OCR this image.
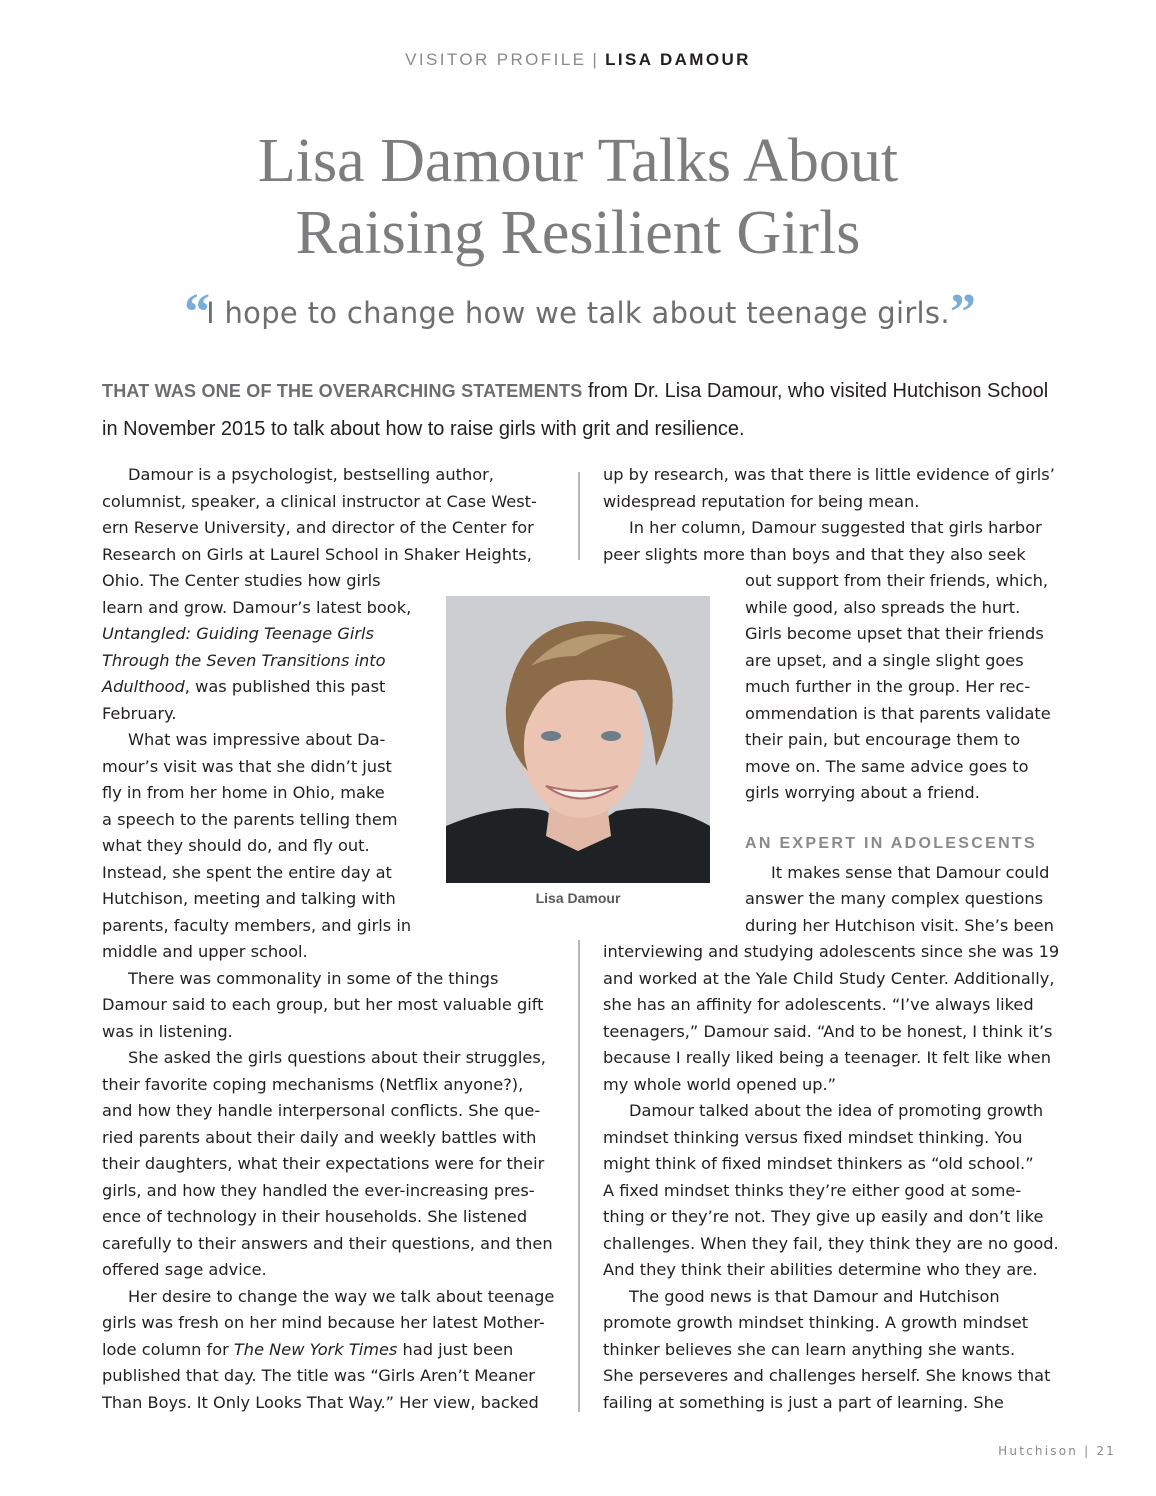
VISITOR PROFILE | LISA DAMOUR
Lisa Damour Talks About
Raising Resilient Girls
“I hope to change how we talk about teenage girls.”
THAT WAS ONE OF THE OVERARCHING STATEMENTS from Dr. Lisa Damour, who visited Hutchison School in November 2015 to talk about how to raise girls with grit and resilience.
Lisa Damour
Damour is a psychologist, bestselling author,
columnist, speaker, a clinical instructor at Case West-
ern Reserve University, and director of the Center for
Research on Girls at Laurel School in Shaker Heights,
Ohio. The Center studies how girls
learn and grow. Damour’s latest book,
Untangled: Guiding Teenage Girls
Through the Seven Transitions into
Adulthood, was published this past
February.
What was impressive about Da-
mour’s visit was that she didn’t just
fly in from her home in Ohio, make
a speech to the parents telling them
what they should do, and fly out.
Instead, she spent the entire day at
Hutchison, meeting and talking with
parents, faculty members, and girls in
middle and upper school.
There was commonality in some of the things
Damour said to each group, but her most valuable gift
was in listening.
She asked the girls questions about their struggles,
their favorite coping mechanisms (Netflix anyone?),
and how they handle interpersonal conflicts. She que-
ried parents about their daily and weekly battles with
their daughters, what their expectations were for their
girls, and how they handled the ever-increasing pres-
ence of technology in their households. She listened
carefully to their answers and their questions, and then
offered sage advice.
Her desire to change the way we talk about teenage
girls was fresh on her mind because her latest Mother-
lode column for The New York Times had just been
published that day. The title was “Girls Aren’t Meaner
Than Boys. It Only Looks That Way.” Her view, backed
up by research, was that there is little evidence of girls’
widespread reputation for being mean.
In her column, Damour suggested that girls harbor
peer slights more than boys and that they also seek
out support from their friends, which,
while good, also spreads the hurt.
Girls become upset that their friends
are upset, and a single slight goes
much further in the group. Her rec-
ommendation is that parents validate
their pain, but encourage them to
move on. The same advice goes to
girls worrying about a friend.
AN EXPERT IN ADOLESCENTS
It makes sense that Damour could
answer the many complex questions
during her Hutchison visit. She’s been
interviewing and studying adolescents since she was 19
and worked at the Yale Child Study Center. Additionally,
she has an affinity for adolescents. “I’ve always liked
teenagers,” Damour said. “And to be honest, I think it’s
because I really liked being a teenager. It felt like when
my whole world opened up.”
Damour talked about the idea of promoting growth
mindset thinking versus fixed mindset thinking. You
might think of fixed mindset thinkers as “old school.”
A fixed mindset thinks they’re either good at some-
thing or they’re not. They give up easily and don’t like
challenges. When they fail, they think they are no good.
And they think their abilities determine who they are.
The good news is that Damour and Hutchison
promote growth mindset thinking. A growth mindset
thinker believes she can learn anything she wants.
She perseveres and challenges herself. She knows that
failing at something is just a part of learning. She
Hutchison | 21
